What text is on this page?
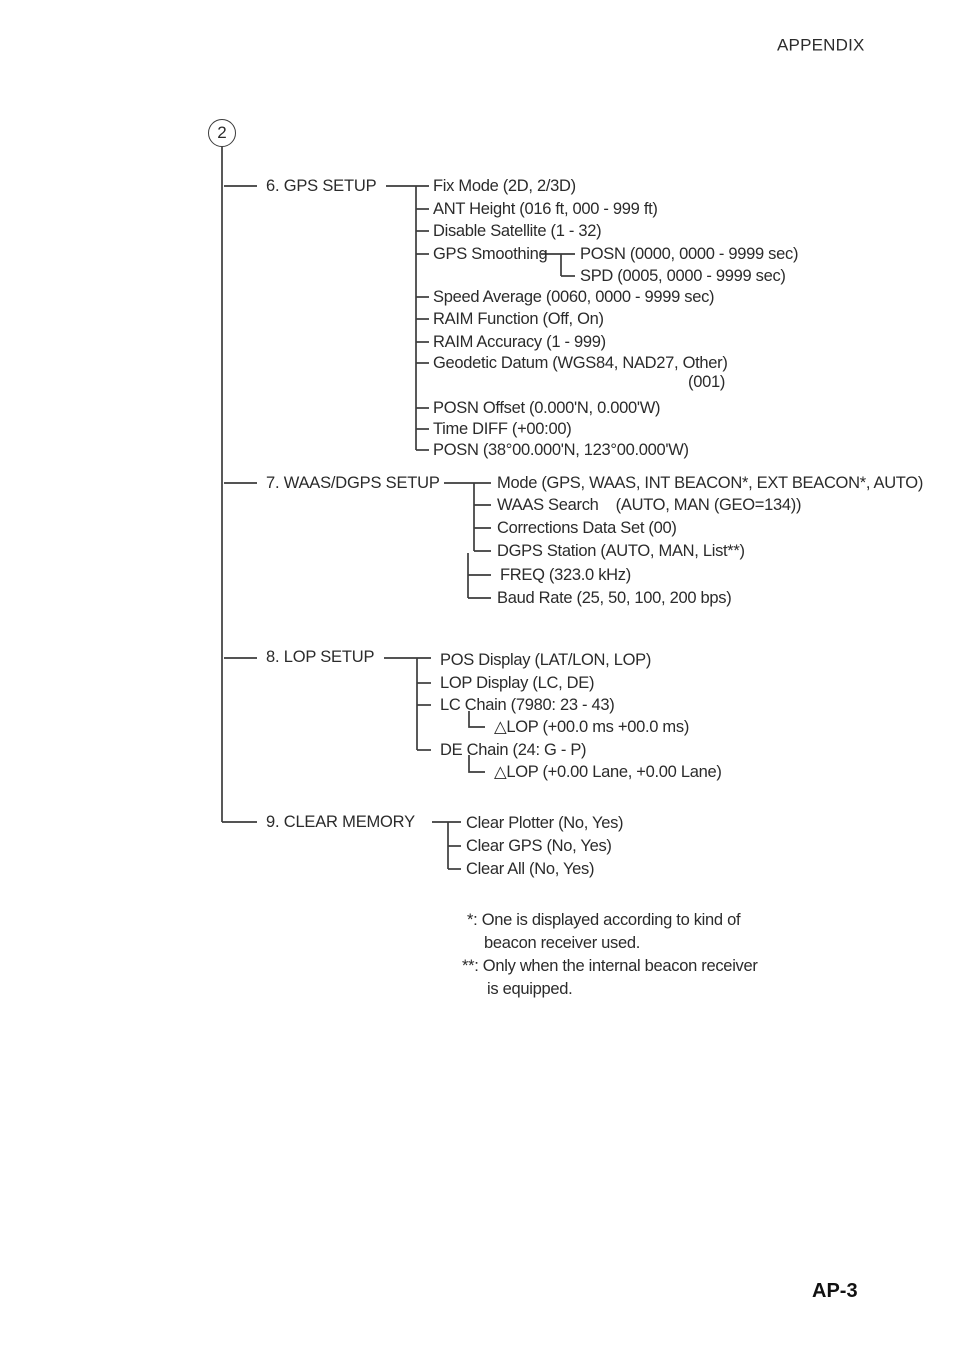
APPENDIX
2
6. GPS SETUP	Fix Mode (2D, 2/3D)
ANT Height (016 ft, 000 - 999 ft)
Disable Satellite (1 - 32)
GPS Smoothing POSN (0000, 0000 - 9999 sec)
SPD (0005, 0000 - 9999 sec)
Speed Average (0060, 0000 - 9999 sec)
RAIM Function (Off, On)
RAIM Accuracy (1 - 999)
Geodetic Datum (WGS84, NAD27, Other)
(001)
POSN Offset (0.000'N, 0.000'W)
Time DIFF (+00:00)
POSN (38°00.000'N, 123°00.000'W)
7. WAAS/DGPS SETUP	Mode (GPS, WAAS, INT BEACON*, EXT BEACON*, AUTO)
WAAS Search    (AUTO, MAN (GEO=134))
Corrections Data Set (00)
DGPS Station (AUTO, MAN, List**)
FREQ (323.0 kHz)
Baud Rate (25, 50, 100, 200 bps)
8. LOP SETUP	POS Display (LAT/LON, LOP)
LOP Display (LC, DE)
LC Chain (7980: 23 - 43)
△LOP (+00.0 ms +00.0 ms)
DE Chain (24: G - P)
△LOP (+0.00 Lane, +0.00 Lane)
9. CLEAR MEMORY	Clear Plotter (No, Yes)
Clear GPS (No, Yes)
Clear All (No, Yes)
*: One is displayed according to kind of
beacon receiver used.
**: Only when the internal beacon receiver
is equipped.
AP-3
